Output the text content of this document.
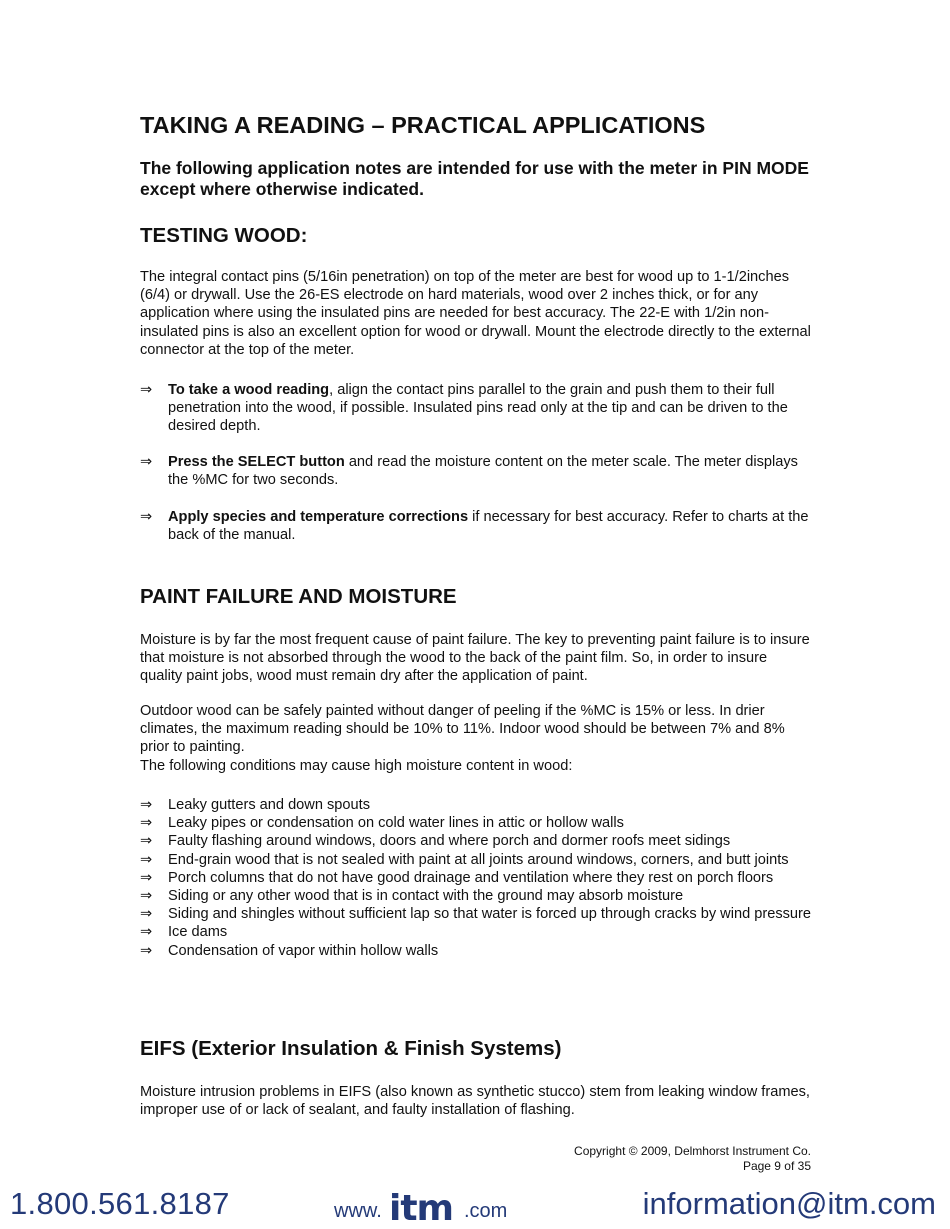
TAKING A READING – PRACTICAL APPLICATIONS

The following application notes are intended for use with the meter in PIN MODE except where otherwise indicated.

TESTING WOOD:

The integral contact pins (5/16in penetration) on top of the meter are best for wood up to 1-1/2inches (6/4) or drywall. Use the 26-ES electrode on hard materials, wood over 2 inches thick, or for any application where using the insulated pins are needed for best accuracy. The 22-E with 1/2in non-insulated pins is also an excellent option for wood or drywall. Mount the electrode directly to the external connector at the top of the meter.

⇒	To take a wood reading, align the contact pins parallel to the grain and push them to their full penetration into the wood, if possible. Insulated pins read only at the tip and can be driven to the desired depth.
⇒	Press the SELECT button and read the moisture content on the meter scale. The meter displays the %MC for two seconds.
⇒	Apply species and temperature corrections if necessary for best accuracy. Refer to charts at the back of the manual.
PAINT FAILURE AND MOISTURE

Moisture is by far the most frequent cause of paint failure. The key to preventing paint failure is to insure that moisture is not absorbed through the wood to the back of the paint film. So, in order to insure quality paint jobs, wood must remain dry after the application of paint.

Outdoor wood can be safely painted without danger of peeling if the %MC is 15% or less. In drier climates, the maximum reading should be 10% to 11%. Indoor wood should be between 7% and 8% prior to painting.

The following conditions may cause high moisture content in wood:

⇒ Leaky gutters and down spouts
⇒ Leaky pipes or condensation on cold water lines in attic or hollow walls
⇒ Faulty flashing around windows, doors and where porch and dormer roofs meet sidings
⇒ End-grain wood that is not sealed with paint at all joints around windows, corners, and butt joints
⇒ Porch columns that do not have good drainage and ventilation where they rest on porch floors
⇒ Siding or any other wood that is in contact with the ground may absorb moisture
⇒ Siding and shingles without sufficient lap so that water is forced up through cracks by wind pressure
⇒ Ice dams
⇒ Condensation of vapor within hollow walls
EIFS (Exterior Insulation & Finish Systems)

Moisture intrusion problems in EIFS (also known as synthetic stucco) stem from leaking window frames, improper use of or lack of sealant, and faulty installation of flashing.

Copyright © 2009, Delmhorst Instrument Co.
Page 9 of 35
1.800.561.8187	www. itm .com	information@itm.com
